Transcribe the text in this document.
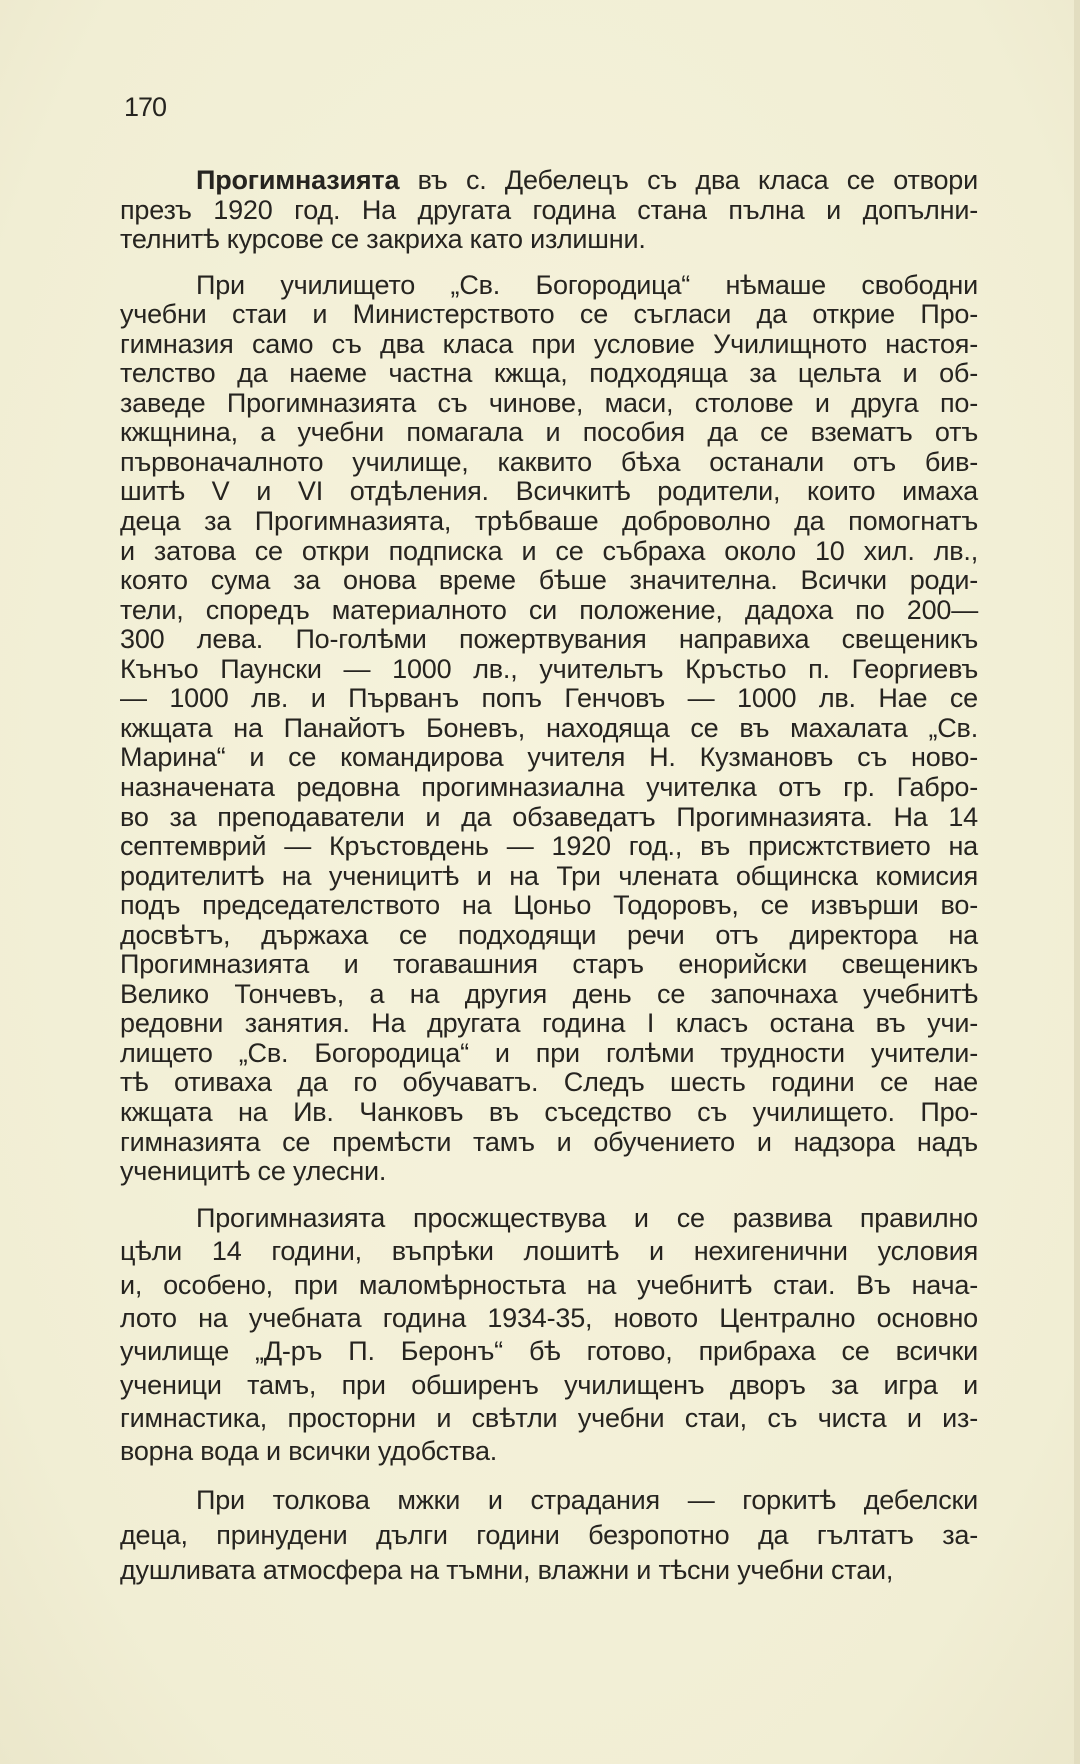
170
Прогимназията въ с. Дебелецъ съ два класа се отвори
презъ 1920 год. На другата година стана пълна и допълни-
телнитѣ курсове се закриха като излишни.
При училището „Св. Богородица“ нѣмаше свободни
учебни стаи и Министерството се съгласи да открие Про-
гимназия само съ два класа при условие Училищното настоя-
телство да наеме частна кжща, подходяща за цельта и об-
заведе Прогимназията съ чинове, маси, столове и друга по-
кжщнина, а учебни помагала и пособия да се вз​ематъ отъ
първоначалното училище, каквито бѣха останали отъ бив-
шитѣ V и VI отдѣления. Всичкитѣ родители, които имаха
деца за Прогимназията, трѣбваше доброволно да помогнатъ
и затова се откри подписка и се събраха около 10 хил. лв.,
която сума за онова време бѣше значителна. Всички роди-
тели, спорeдъ материалното си положение, дадоха по 200—
300 лева. По-голѣми пожертвувания направиха свещеникъ
Кънъо Паунски — 1000 лв., учительтъ Кръстьо п. Георгиевъ
— 1000 лв. и Първанъ попъ Генчовъ — 1000 лв. Нае се
кжщата на Панайотъ Боневъ, находяща се въ махалата „Св.
Марина“ и се командирова учителя Н. Кузмановъ съ ново-
назначената редовна прогимназиална учителка отъ гр. Габро-
во за преподаватели и да обзаведатъ Прогимназията. На 14
септемврий — Кръстовдень — 1920 год., въ присжтствието на
родителитѣ на ученицитѣ и на Три членат​а общинска комисия
подъ председателството на Цоньо Тодоровъ, се извърши во-
досвѣтъ, държаха се подходящи речи отъ директора на
Прогимназията и тогавашния старъ енорийски свещеникъ
Велико Тончевъ, а на другия день се започнаха учебнитѣ
редовни занятия. На другата година I класъ остана въ учи-
лището „Св. Богородица“ и при голѣми трудности учители-
тѣ отиваха да го обучаватъ. Следъ шесть години се нае
кжщата на Ив. Чанковъ въ съседство съ училището. Про-
гимназията се премѣсти тамъ и обучението и надзора надъ
ученицитѣ се улесни.
Прогимназията просжществува и се развива правилно
цѣли 14 години, въпрѣки лошитѣ и нехигенични условия
и, особено, при маломѣрностьта на учебнитѣ стаи. Въ нача-
лото на учебната година 1934-35, новото Централно основно
училище „Д-ръ П. Беронъ“ бѣ готово, прибраха се всички
ученици тамъ, при обширенъ училищенъ дворъ за игра и
гимнастика, просторни и свѣтли учебни стаи, съ чиста и из-
ворна вода и всички удобства.
При толкова мжки и страдания — горкитѣ дебелски
деца, принудени дълги години безропотно да гълтатъ за-
душливата атмосфера на тъмни, влажни и тѣсни учебни стаи,
